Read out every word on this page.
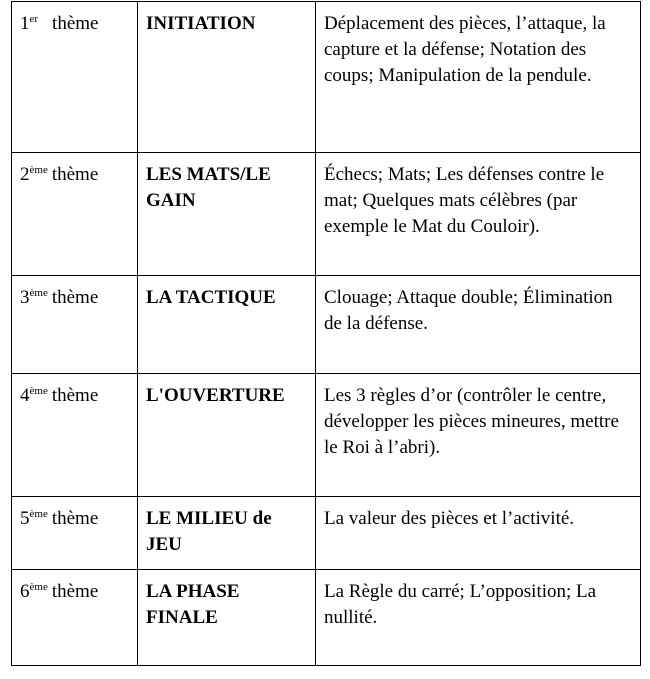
1er thème	INITIATION	Déplacement des pièces, l’attaque, la capture et la défense; Notation des coups; Manipulation de la pendule.
2ème thème	LES MATS/LE GAIN	Échecs; Mats; Les défenses contre le mat; Quelques mats célèbres (par exemple le Mat du Couloir).
3ème thème	LA TACTIQUE	Clouage; Attaque double; Élimination de la défense.
4ème thème	L'OUVERTURE	Les 3 règles d’or (contrôler le centre, développer les pièces mineures, mettre le Roi à l’abri).
5ème thème	LE MILIEU de JEU	La valeur des pièces et l’activité.
6ème thème	LA PHASE FINALE	La Règle du carré; L’opposition; La nullité.
